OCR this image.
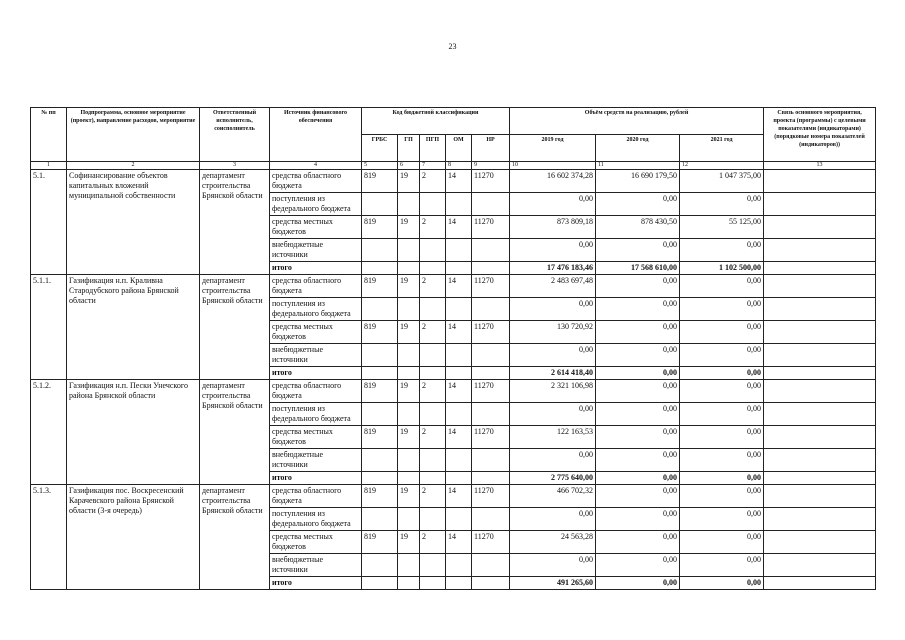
23
№ пп	Подпрограмма, основное мероприятие (проект), направление расходов, мероприятие	Ответственный исполнитель, соисполнитель	Источник финансового обеспечения	Код бюджетной классификации					Объём средств на реализацию, рублей			Связь основного мероприятия, проекта (программы) с целевыми показателями (индикаторами) (порядковые номера показателей (индикаторов))
				ГРБС	ГП	ПГП	ОМ	НР	2019 год	2020 год	2021 год	
1	2	3	4	5	6	7	8	9	10	11	12	13
5.1.	Софинансирование объектов капитальных вложений муниципальной собственности	департамент строительства Брянской области	средства областного бюджета	819	19	2	14	11270	16 602 374,28	16 690 179,50	1 047 375,00	
			поступления из федерального бюджета						0,00	0,00	0,00	
			средства местных бюджетов	819	19	2	14	11270	873 809,18	878 430,50	55 125,00	
			внебюджетные источники						0,00	0,00	0,00	
			итого						17 476 183,46	17 568 610,00	1 102 500,00	
5.1.1.	Газификация н.п. Краливна Стародубского района Брянской области	департамент строительства Брянской области	средства областного бюджета	819	19	2	14	11270	2 483 697,48	0,00	0,00	
			поступления из федерального бюджета						0,00	0,00	0,00	
			средства местных бюджетов	819	19	2	14	11270	130 720,92	0,00	0,00	
			внебюджетные источники						0,00	0,00	0,00	
			итого						2 614 418,40	0,00	0,00	
5.1.2.	Газификация н.п. Пески Унечского района Брянской области	департамент строительства Брянской области	средства областного бюджета	819	19	2	14	11270	2 321 106,98	0,00	0,00	
			поступления из федерального бюджета						0,00	0,00	0,00	
			средства местных бюджетов	819	19	2	14	11270	122 163,53	0,00	0,00	
			внебюджетные источники						0,00	0,00	0,00	
			итого						2 775 640,00	0,00	0,00	
5.1.3.	Газификация пос. Воскресенский Карачевского района Брянской области (3-я очередь)	департамент строительства Брянской области	средства областного бюджета	819	19	2	14	11270	466 702,32	0,00	0,00	
			поступления из федерального бюджета						0,00	0,00	0,00	
			средства местных бюджетов	819	19	2	14	11270	24 563,28	0,00	0,00	
			внебюджетные источники						0,00	0,00	0,00	
			итого						491 265,60	0,00	0,00	
